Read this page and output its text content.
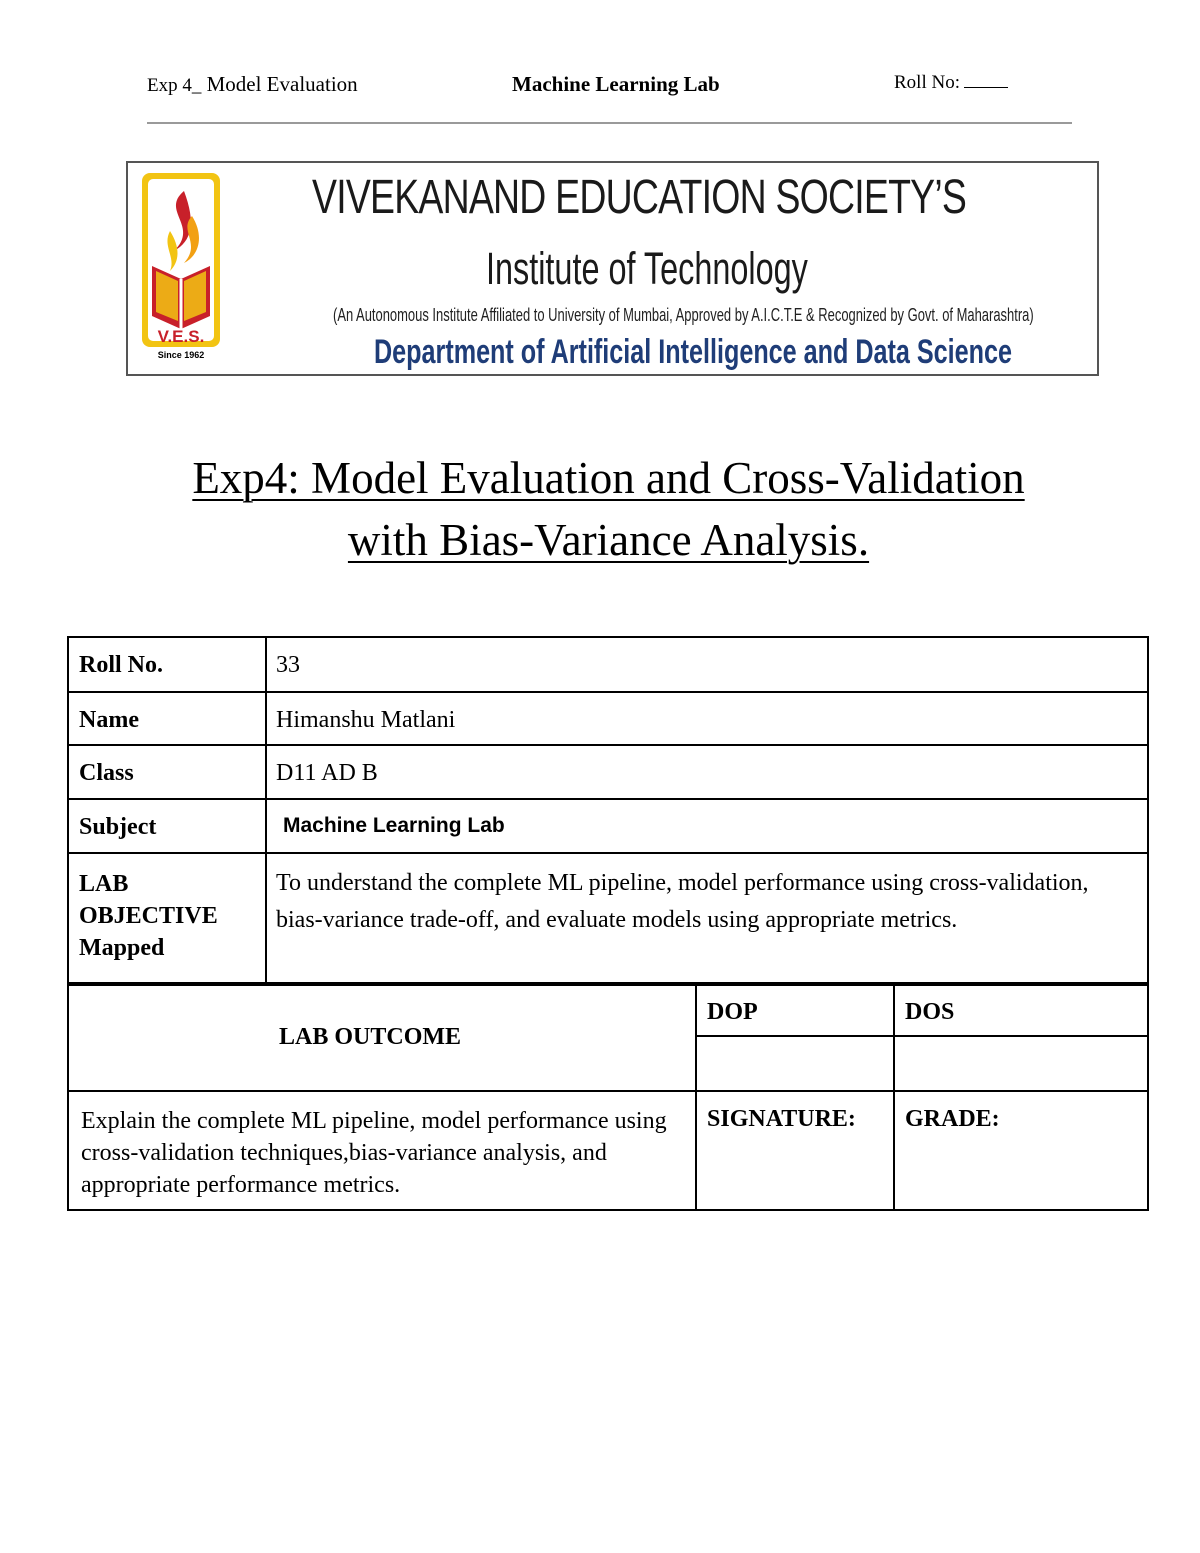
Exp 4_ Model Evaluation	Machine Learning Lab	Roll No:
V.E.S.
Since 1962
VIVEKANAND EDUCATION SOCIETY’S
Institute of Technology
(An Autonomous Institute Affiliated to University of Mumbai, Approved by A.I.C.T.E & Recognized by Govt. of Maharashtra)
Department of Artificial Intelligence and Data Science
Exp4: Model Evaluation and Cross-Validation
with Bias-Variance Analysis.
Roll No.	33
Name	Himanshu Matlani
Class	D11 AD B
Subject	Machine Learning Lab

LAB
OBJECTIVE
Mapped	To understand the complete ML pipeline, model performance using cross-validation, bias-variance trade-off, and evaluate models using appropriate metrics.
LAB OUTCOME	DOP	DOS

Explain the complete ML pipeline, model performance using cross-validation techniques,bias-variance analysis, and appropriate performance metrics.	SIGNATURE:	GRADE:
